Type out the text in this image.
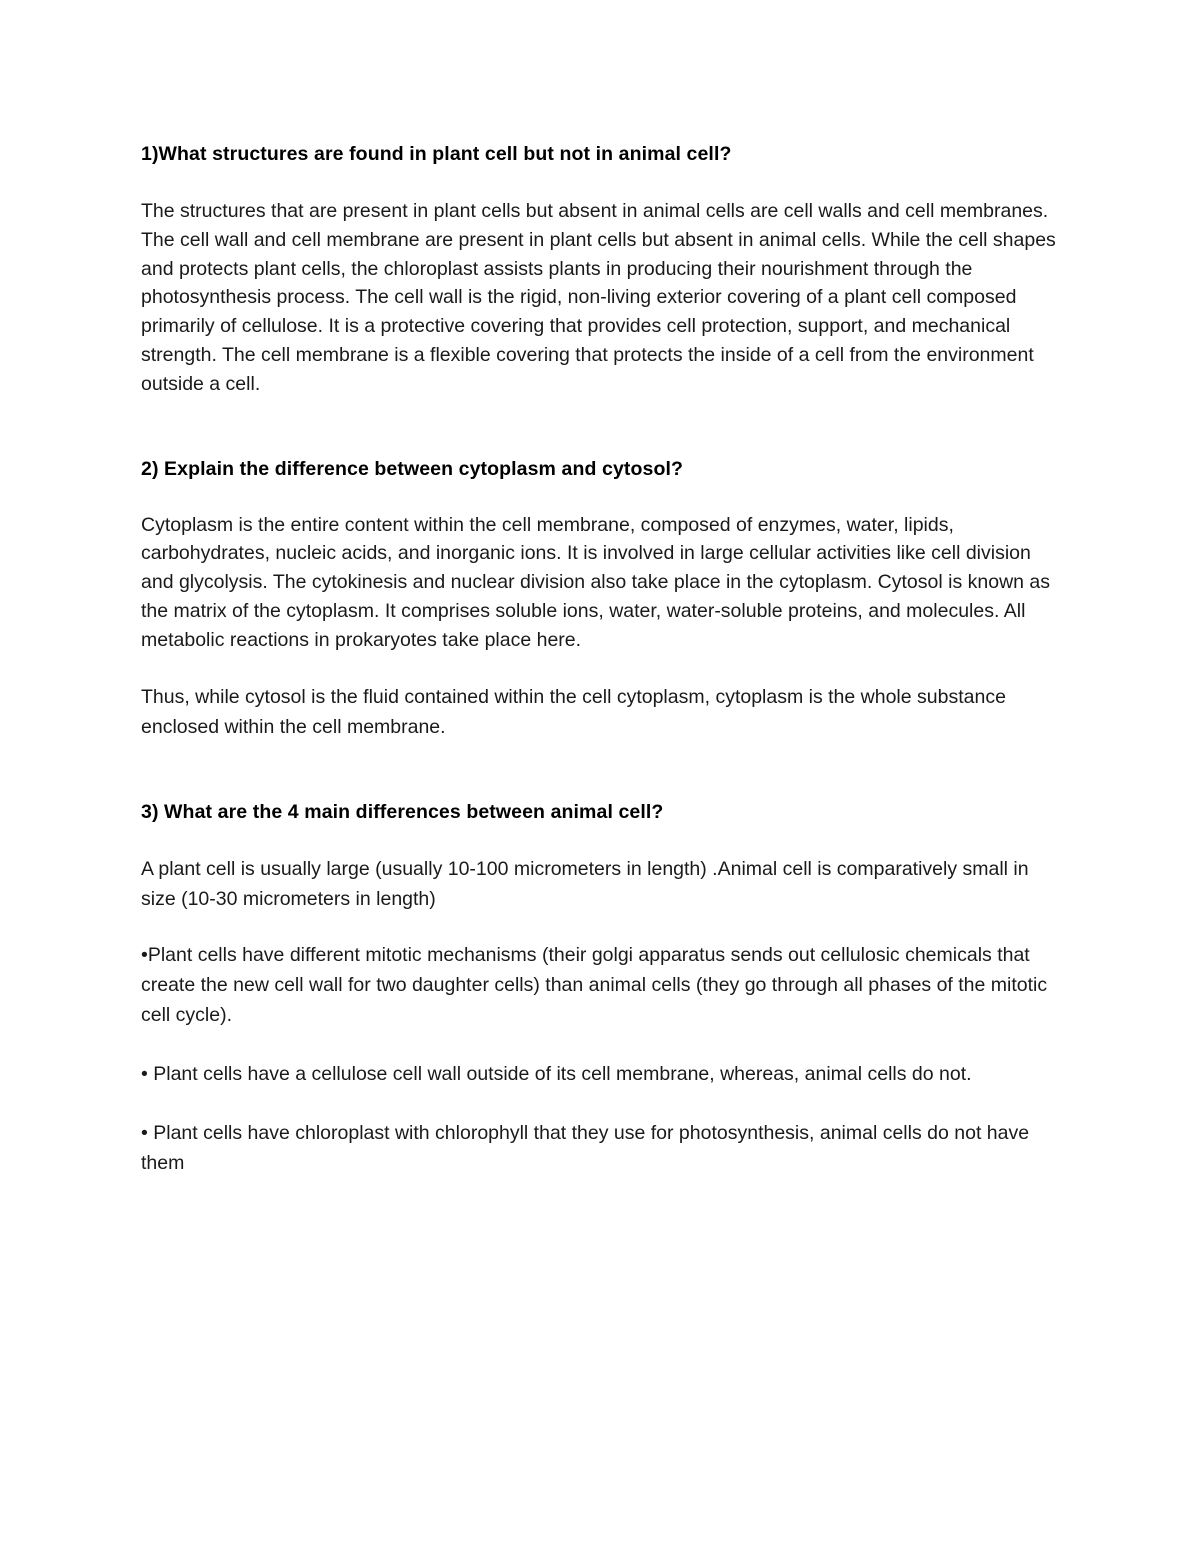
1)What structures are found in plant cell but not in animal cell?

The structures that are present in plant cells but absent in animal cells are cell walls and cell membranes. The cell wall and cell membrane are present in plant cells but absent in animal cells. While the cell shapes and protects plant cells, the chloroplast assists plants in producing their nourishment through the photosynthesis process. The cell wall is the rigid, non-living exterior covering of a plant cell composed primarily of cellulose. It is a protective covering that provides cell protection, support, and mechanical strength. The cell membrane is a flexible covering that protects the inside of a cell from the environment outside a cell.

2) Explain the difference between cytoplasm and cytosol?

Cytoplasm is the entire content within the cell membrane, composed of enzymes, water, lipids, carbohydrates, nucleic acids, and inorganic ions. It is involved in large cellular activities like cell division and glycolysis. The cytokinesis and nuclear division also take place in the cytoplasm. Cytosol is known as the matrix of the cytoplasm. It comprises soluble ions, water, water-soluble proteins, and molecules. All metabolic reactions in prokaryotes take place here.

Thus, while cytosol is the fluid contained within the cell cytoplasm, cytoplasm is the whole substance enclosed within the cell membrane.

3) What are the 4 main differences between animal cell?

A plant cell is usually large (usually 10-100 micrometers in length) .Animal cell is comparatively small in size (10-30 micrometers in length)

•Plant cells have different mitotic mechanisms (their golgi apparatus sends out cellulosic chemicals that create the new cell wall for two daughter cells) than animal cells (they go through all phases of the mitotic cell cycle).

• Plant cells have a cellulose cell wall outside of its cell membrane, whereas, animal cells do not.

• Plant cells have chloroplast with chlorophyll that they use for photosynthesis, animal cells do not have them
